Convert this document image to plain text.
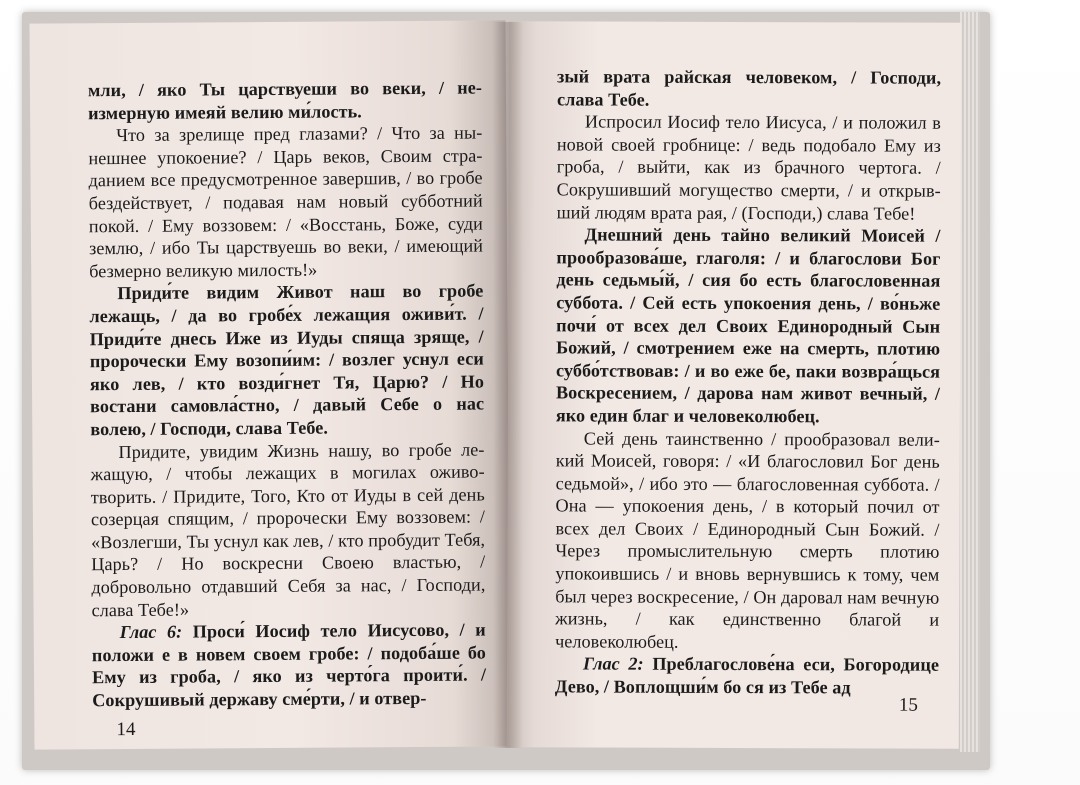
мли, / яко Ты царствуеши во веки, / неизмерную имеяй велию ми́лость.

Что за зрелище пред глазами? / Что за нынешнее упокоение? / Царь веков, Своим страданием все предусмотренное завершив, / во гробе бездействует, / подавая нам новый субботний покой. / Ему воззовем: / «Восстань, Боже, суди землю, / ибо Ты царствуешь во веки, / имеющий безмерно великую милость!»

Приди́те видим Живот наш во гробе лежащь, / да во гробе́х лежащия оживи́т. / Приди́те днесь Иже из Иуды спяща зряще, / пророчески Ему возопи́им: / возлег уснул еси яко лев, / кто возди́гнет Тя, Царю? / Но востани самовла́стно, / давый Себе о нас волею, / Господи, слава Тебе.

Придите, увидим Жизнь нашу, во гробе лежащую, / чтобы лежащих в могилах оживотворить. / Придите, Того, Кто от Иуды в сей день созерцая спящим, / пророчески Ему воззовем: / «Возлегши, Ты уснул как лев, / кто пробудит Тебя, Царь? / Но воскресни Своею властью, / добровольно отдавший Себя за нас, / Господи, слава Тебе!»

Глас 6: Проси́ Иосиф тело Иисусово, / и положи е в новем своем гробе: / подоба́ше бо Ему из гроба, / яко из черто́га проити́. / Сокрушивый державу сме́рти, / и отвер-

14

зый врата райская человеком, / Господи, слава Тебе.

Испросил Иосиф тело Иисуса, / и положил в новой своей гробнице: / ведь подобало Ему из гроба, / выйти, как из брачного чертога. / Сокрушивший могущество смерти, / и открывший людям врата рая, / (Господи,) слава Тебе!

Днешний день тайно великий Моисей / прообразова́ше, глаголя: / и благослови Бог день седьмы́й, / сия бо есть благословенная суббота. / Сей есть упокоения день, / во́ньже почи́ от всех дел Своих Единородный Сын Божий, / смотрением еже на смерть, плотию суббо́тствовав: / и во еже бе, паки возвра́щься Воскресением, / дарова нам живот вечный, / яко един благ и человеколюбец.

Сей день таинственно / прообразовал великий Моисей, говоря: / «И благословил Бог день седьмой», / ибо это — благословенная суббота. / Она — упокоения день, / в который почил от всех дел Своих / Единородный Сын Божий. / Через промыслительную смерть плотию упокоившись / и вновь вернувшись к тому, чем был через воскресение, / Он даровал нам вечную жизнь, / как единственно благой и человеколюбец.

Глас 2: Преблагослове́на еси, Богородице Дево, / Воплощши́м бо ся из Тебе ад

15
